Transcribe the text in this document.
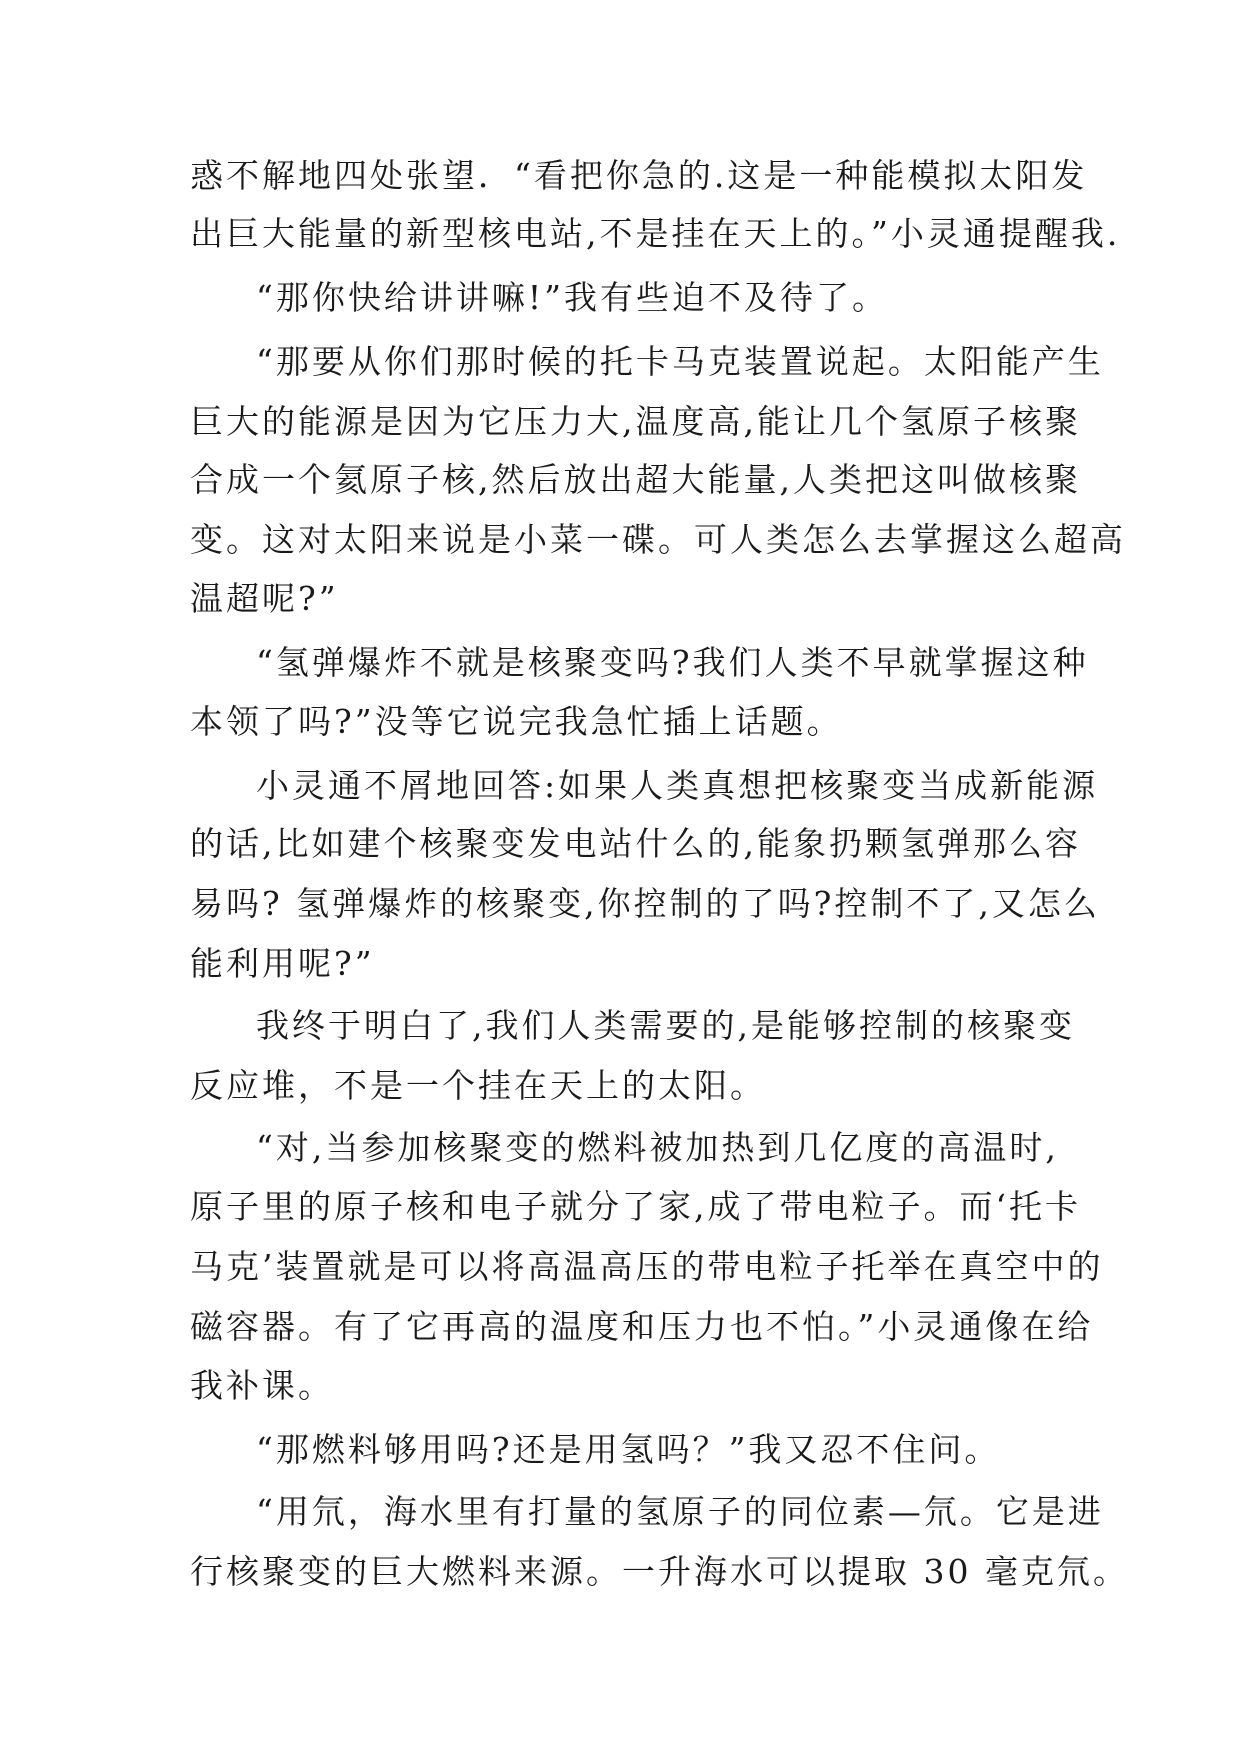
惑不解地四处张望．“看把你急的.这是一种能模拟太阳发
出巨大能量的新型核电站,不是挂在天上的。”小灵通提醒我.
“那你快给讲讲嘛!”我有些迫不及待了。
“那要从你们那时候的托卡马克装置说起。太阳能产生
巨大的能源是因为它压力大,温度高,能让几个氢原子核聚
合成一个氦原子核,然后放出超大能量,人类把这叫做核聚
变。这对太阳来说是小菜一碟。可人类怎么去掌握这么超高
温超呢?”
“氢弹爆炸不就是核聚变吗?我们人类不早就掌握这种
本领了吗?”没等它说完我急忙插上话题。
小灵通不屑地回答:如果人类真想把核聚变当成新能源
的话,比如建个核聚变发电站什么的,能象扔颗氢弹那么容
易吗? 氢弹爆炸的核聚变,你控制的了吗?控制不了,又怎么
能利用呢?”
我终于明白了,我们人类需要的,是能够控制的核聚变
反应堆，不是一个挂在天上的太阳。
“对,当参加核聚变的燃料被加热到几亿度的高温时,
原子里的原子核和电子就分了家,成了带电粒子。而‘托卡
马克’装置就是可以将高温高压的带电粒子托举在真空中的
磁容器。有了它再高的温度和压力也不怕。”小灵通像在给
我补课。
“那燃料够用吗?还是用氢吗？”我又忍不住问。
“用氘，海水里有打量的氢原子的同位素—氘。它是进
行核聚变的巨大燃料来源。一升海水可以提取 30 毫克氘。
